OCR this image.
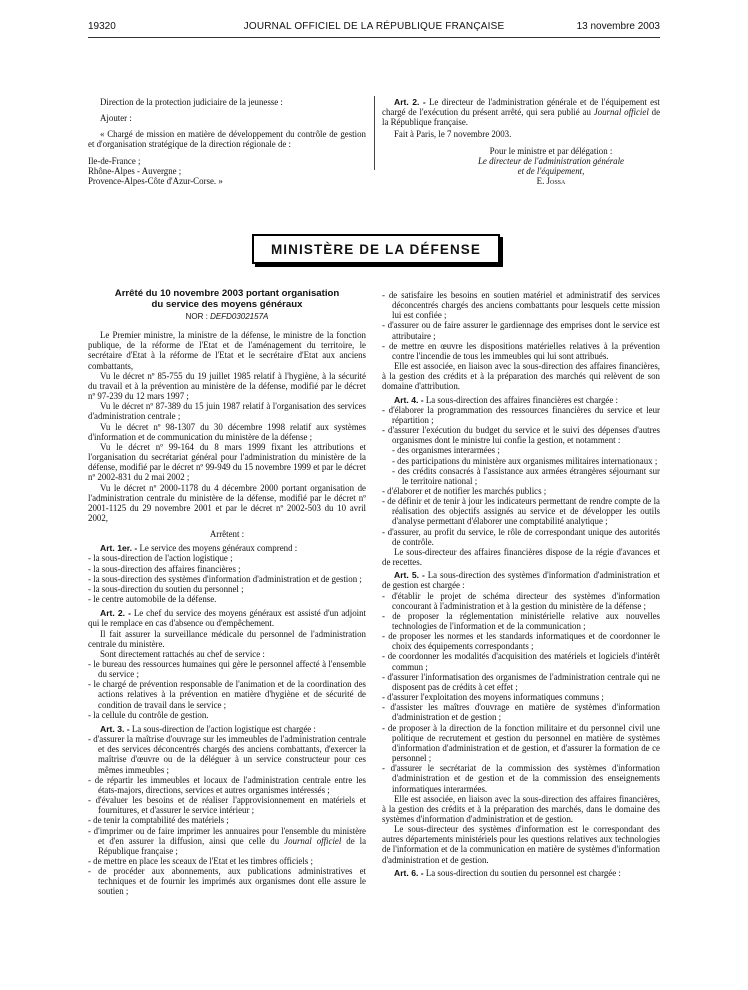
19320	JOURNAL OFFICIEL DE LA RÉPUBLIQUE FRANÇAISE	13 novembre 2003

Direction de la protection judiciaire de la jeunesse :

Ajouter :

« Chargé de mission en matière de développement du contrôle de gestion et d'organisation stratégique de la direction régionale de :

Ile-de-France ;

Rhône-Alpes - Auvergne ;

Provence-Alpes-Côte d'Azur-Corse. »

Art. 2. - Le directeur de l'administration générale et de l'équipement est chargé de l'exécution du présent arrêté, qui sera publié au Journal officiel de la République française.

Fait à Paris, le 7 novembre 2003.

Pour le ministre et par délégation :

Le directeur de l'administration générale

et de l'équipement,

E. Jossa

MINISTÈRE DE LA DÉFENSE

Arrêté du 10 novembre 2003 portant organisation

du service des moyens généraux

NOR : DEFD0302157A

Le Premier ministre, la ministre de la défense, le ministre de la fonction publique, de la réforme de l'Etat et de l'aménagement du territoire, le secrétaire d'Etat à la réforme de l'Etat et le secrétaire d'Etat aux anciens combattants,

Vu le décret nº 85-755 du 19 juillet 1985 relatif à l'hygiène, à la sécurité du travail et à la prévention au ministère de la défense, modifié par le décret nº 97-239 du 12 mars 1997 ;

Vu le décret nº 87-389 du 15 juin 1987 relatif à l'organisation des services d'administration centrale ;

Vu le décret nº 98-1307 du 30 décembre 1998 relatif aux systèmes d'information et de communication du ministère de la défense ;

Vu le décret nº 99-164 du 8 mars 1999 fixant les attributions et l'organisation du secrétariat général pour l'administration du ministère de la défense, modifié par le décret nº 99-949 du 15 novembre 1999 et par le décret nº 2002-831 du 2 mai 2002 ;

Vu le décret nº 2000-1178 du 4 décembre 2000 portant organisation de l'administration centrale du ministère de la défense, modifié par le décret nº 2001-1125 du 29 novembre 2001 et par le décret nº 2002-503 du 10 avril 2002,

Arrêtent :

Art. 1er. - Le service des moyens généraux comprend :

- la sous-direction de l'action logistique ;

- la sous-direction des affaires financières ;

- la sous-direction des systèmes d'information d'administration et de gestion ;

- la sous-direction du soutien du personnel ;

- le centre automobile de la défense.

Art. 2. - Le chef du service des moyens généraux est assisté d'un adjoint qui le remplace en cas d'absence ou d'empêchement.

Il fait assurer la surveillance médicale du personnel de l'administration centrale du ministère.

Sont directement rattachés au chef de service :

- le bureau des ressources humaines qui gère le personnel affecté à l'ensemble du service ;

- le chargé de prévention responsable de l'animation et de la coordination des actions relatives à la prévention en matière d'hygiène et de sécurité de condition de travail dans le service ;

- la cellule du contrôle de gestion.

Art. 3. - La sous-direction de l'action logistique est chargée :

- d'assurer la maîtrise d'ouvrage sur les immeubles de l'administration centrale et des services déconcentrés chargés des anciens combattants, d'exercer la maîtrise d'œuvre ou de la déléguer à un service constructeur pour ces mêmes immeubles ;

- de répartir les immeubles et locaux de l'administration centrale entre les états-majors, directions, services et autres organismes intéressés ;

- d'évaluer les besoins et de réaliser l'approvisionnement en matériels et fournitures, et d'assurer le service intérieur ;

- de tenir la comptabilité des matériels ;

- d'imprimer ou de faire imprimer les annuaires pour l'ensemble du ministère et d'en assurer la diffusion, ainsi que celle du Journal officiel de la République française ;

- de mettre en place les sceaux de l'Etat et les timbres officiels ;

- de procéder aux abonnements, aux publications administratives et techniques et de fournir les imprimés aux organismes dont elle assure le soutien ;

- de satisfaire les besoins en soutien matériel et administratif des services déconcentrés chargés des anciens combattants pour lesquels cette mission lui est confiée ;

- d'assurer ou de faire assurer le gardiennage des emprises dont le service est attributaire ;

- de mettre en œuvre les dispositions matérielles relatives à la prévention contre l'incendie de tous les immeubles qui lui sont attribués.

Elle est associée, en liaison avec la sous-direction des affaires financières, à la gestion des crédits et à la préparation des marchés qui relèvent de son domaine d'attribution.

Art. 4. - La sous-direction des affaires financières est chargée :

- d'élaborer la programmation des ressources financières du service et leur répartition ;

- d'assurer l'exécution du budget du service et le suivi des dépenses d'autres organismes dont le ministre lui confie la gestion, et notamment :

- des organismes interarmées ;

- des participations du ministère aux organismes militaires internationaux ;

- des crédits consacrés à l'assistance aux armées étrangères séjournant sur le territoire national ;

- d'élaborer et de notifier les marchés publics ;

- de définir et de tenir à jour les indicateurs permettant de rendre compte de la réalisation des objectifs assignés au service et de développer les outils d'analyse permettant d'élaborer une comptabilité analytique ;

- d'assurer, au profit du service, le rôle de correspondant unique des autorités de contrôle.

Le sous-directeur des affaires financières dispose de la régie d'avances et de recettes.

Art. 5. - La sous-direction des systèmes d'information d'administration et de gestion est chargée :

- d'établir le projet de schéma directeur des systèmes d'information concourant à l'administration et à la gestion du ministère de la défense ;

- de proposer la réglementation ministérielle relative aux nouvelles technologies de l'information et de la communication ;

- de proposer les normes et les standards informatiques et de coordonner le choix des équipements correspondants ;

- de coordonner les modalités d'acquisition des matériels et logiciels d'intérêt commun ;

- d'assurer l'informatisation des organismes de l'administration centrale qui ne disposent pas de crédits à cet effet ;

- d'assurer l'exploitation des moyens informatiques communs ;

- d'assister les maîtres d'ouvrage en matière de systèmes d'information d'administration et de gestion ;

- de proposer à la direction de la fonction militaire et du personnel civil une politique de recrutement et gestion du personnel en matière de systèmes d'information d'administration et de gestion, et d'assurer la formation de ce personnel ;

- d'assurer le secrétariat de la commission des systèmes d'information d'administration et de gestion et de la commission des enseignements informatiques interarmées.

Elle est associée, en liaison avec la sous-direction des affaires financières, à la gestion des crédits et à la préparation des marchés, dans le domaine des systèmes d'information d'administration et de gestion.

Le sous-directeur des systèmes d'information est le correspondant des autres départements ministériels pour les questions relatives aux technologies de l'information et de la communication en matière de systèmes d'information d'administration et de gestion.

Art. 6. - La sous-direction du soutien du personnel est chargée :
